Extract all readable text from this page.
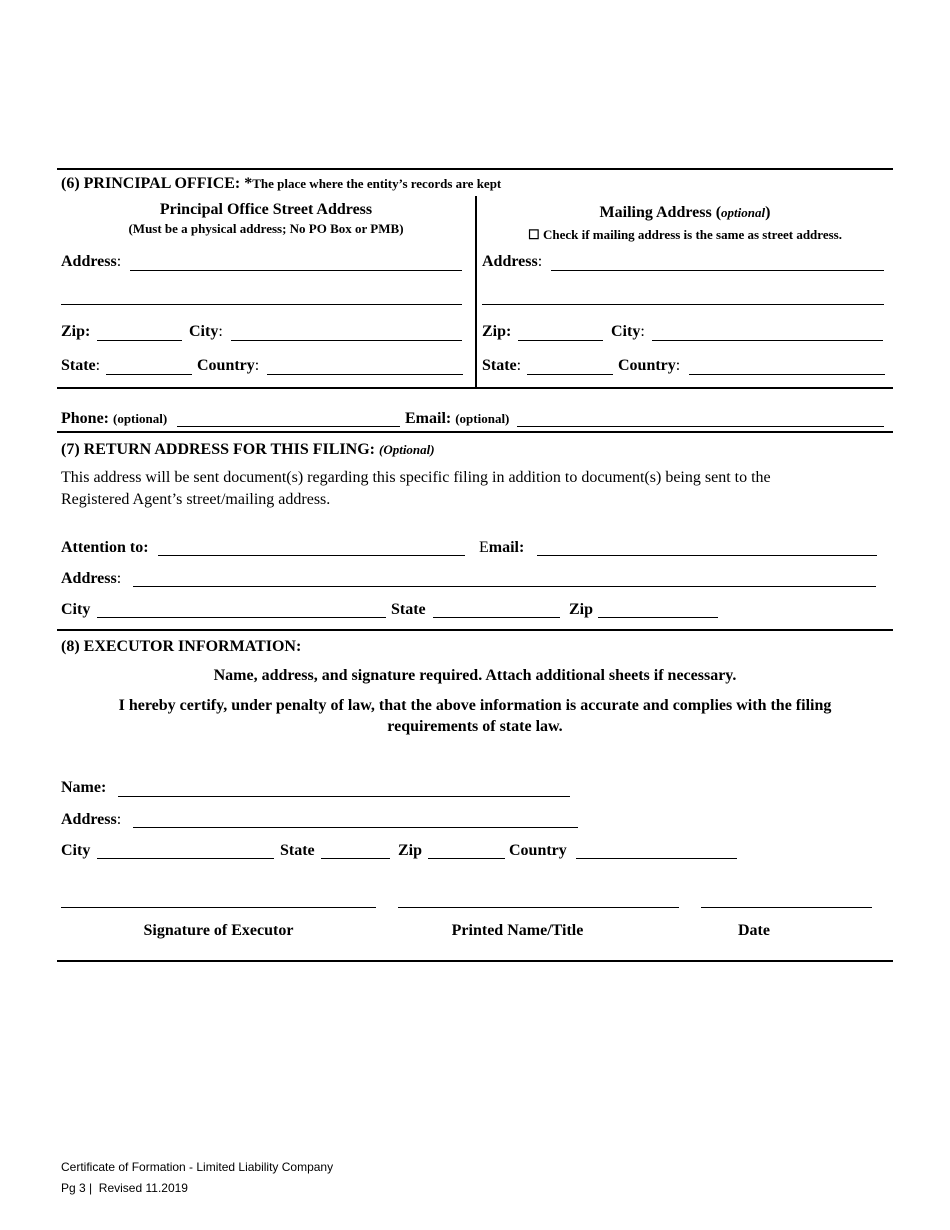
(6) PRINCIPAL OFFICE: *The place where the entity’s records are kept
Principal Office Street Address
(Must be a physical address; No PO Box or PMB)
Address:
Zip:	City:
State:	Country:
Mailing Address (optional)
☐ Check if mailing address is the same as street address.
Address:
Zip:	City:
State:	Country:
Phone: (optional)	Email: (optional)
(7) RETURN ADDRESS FOR THIS FILING: (Optional)
This address will be sent document(s) regarding this specific filing in addition to document(s) being sent to the
Registered Agent’s street/mailing address.
Attention to:	Email:
Address:
City	State	Zip
(8) EXECUTOR INFORMATION:
Name, address, and signature required. Attach additional sheets if necessary.
I hereby certify, under penalty of law, that the above information is accurate and complies with the filing
requirements of state law.
Name:
Address:
City	State	Zip	Country
Signature of Executor	Printed Name/Title	Date
Certificate of Formation - Limited Liability Company
Pg 3 |  Revised 11.2019
